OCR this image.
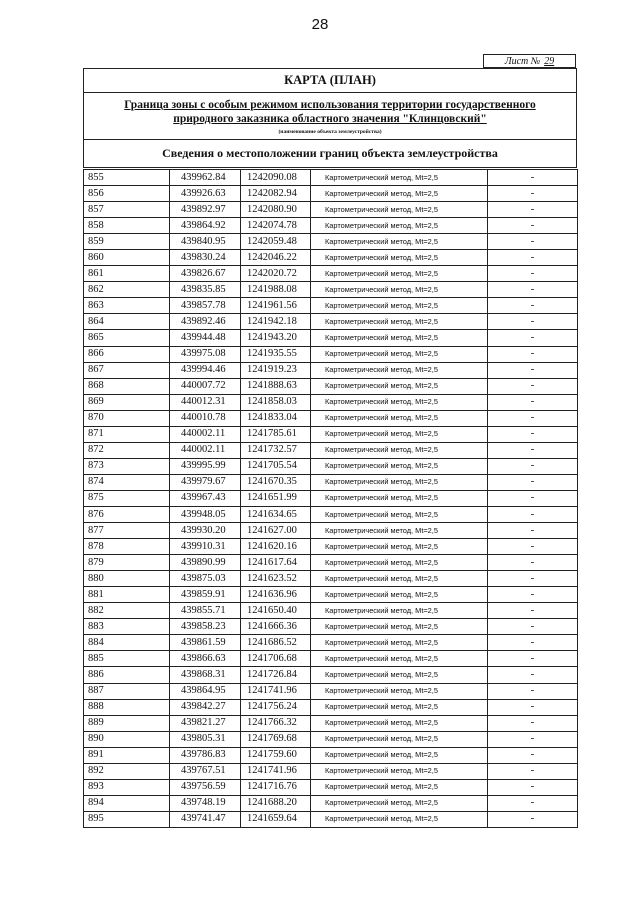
28
Лист № 29
КАРТА (ПЛАН)
Граница зоны с особым режимом использования территории государственного
природного заказника областного значения "Клинцовский"
(наименование объекта землеустройства)
Сведения о местоположении границ объекта землеустройства
855	439962.84	1242090.08	Картометрический метод, Mt=2,5	-
856	439926.63	1242082.94	Картометрический метод, Mt=2,5	-
857	439892.97	1242080.90	Картометрический метод, Mt=2,5	-
858	439864.92	1242074.78	Картометрический метод, Mt=2,5	-
859	439840.95	1242059.48	Картометрический метод, Mt=2,5	-
860	439830.24	1242046.22	Картометрический метод, Mt=2,5	-
861	439826.67	1242020.72	Картометрический метод, Mt=2,5	-
862	439835.85	1241988.08	Картометрический метод, Mt=2,5	-
863	439857.78	1241961.56	Картометрический метод, Mt=2,5	-
864	439892.46	1241942.18	Картометрический метод, Mt=2,5	-
865	439944.48	1241943.20	Картометрический метод, Mt=2,5	-
866	439975.08	1241935.55	Картометрический метод, Mt=2,5	-
867	439994.46	1241919.23	Картометрический метод, Mt=2,5	-
868	440007.72	1241888.63	Картометрический метод, Mt=2,5	-
869	440012.31	1241858.03	Картометрический метод, Mt=2,5	-
870	440010.78	1241833.04	Картометрический метод, Mt=2,5	-
871	440002.11	1241785.61	Картометрический метод, Mt=2,5	-
872	440002.11	1241732.57	Картометрический метод, Mt=2,5	-
873	439995.99	1241705.54	Картометрический метод, Mt=2,5	-
874	439979.67	1241670.35	Картометрический метод, Mt=2,5	-
875	439967.43	1241651.99	Картометрический метод, Mt=2,5	-
876	439948.05	1241634.65	Картометрический метод, Mt=2,5	-
877	439930.20	1241627.00	Картометрический метод, Mt=2,5	-
878	439910.31	1241620.16	Картометрический метод, Mt=2,5	-
879	439890.99	1241617.64	Картометрический метод, Mt=2,5	-
880	439875.03	1241623.52	Картометрический метод, Mt=2,5	-
881	439859.91	1241636.96	Картометрический метод, Mt=2,5	-
882	439855.71	1241650.40	Картометрический метод, Mt=2,5	-
883	439858.23	1241666.36	Картометрический метод, Mt=2,5	-
884	439861.59	1241686.52	Картометрический метод, Mt=2,5	-
885	439866.63	1241706.68	Картометрический метод, Mt=2,5	-
886	439868.31	1241726.84	Картометрический метод, Mt=2,5	-
887	439864.95	1241741.96	Картометрический метод, Mt=2,5	-
888	439842.27	1241756.24	Картометрический метод, Mt=2,5	-
889	439821.27	1241766.32	Картометрический метод, Mt=2,5	-
890	439805.31	1241769.68	Картометрический метод, Mt=2,5	-
891	439786.83	1241759.60	Картометрический метод, Mt=2,5	-
892	439767.51	1241741.96	Картометрический метод, Mt=2,5	-
893	439756.59	1241716.76	Картометрический метод, Mt=2,5	-
894	439748.19	1241688.20	Картометрический метод, Mt=2,5	-
895	439741.47	1241659.64	Картометрический метод, Mt=2,5	-
